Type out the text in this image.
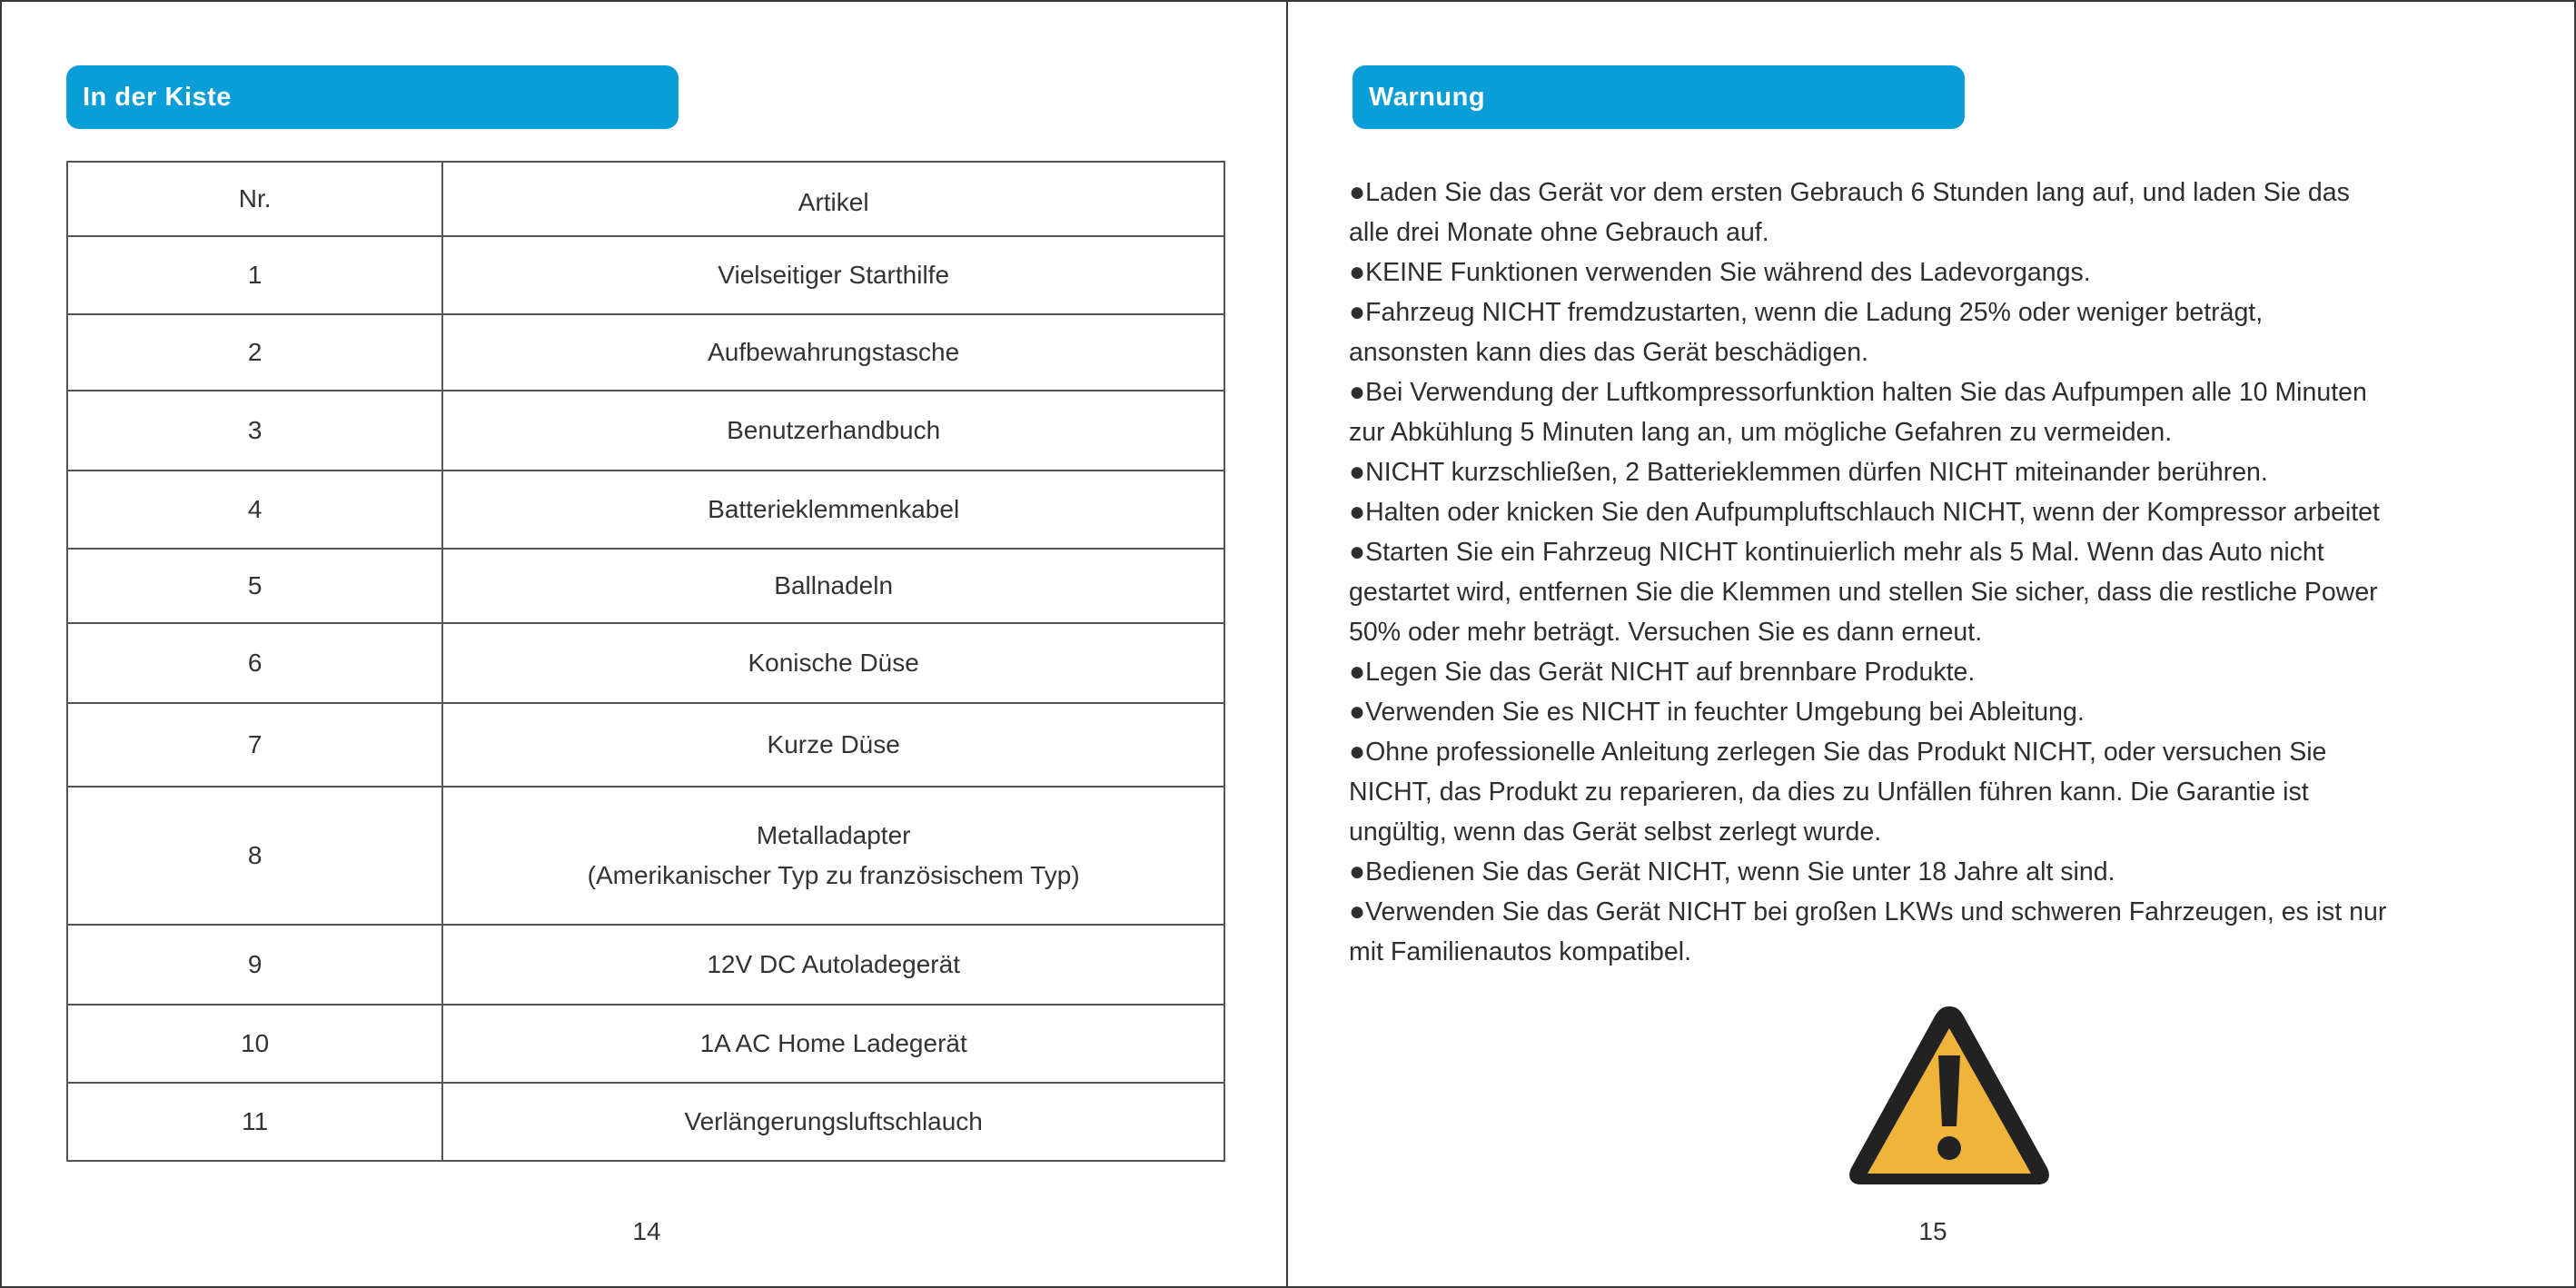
In der Kiste
Nr.	Artikel
1	Vielseitiger Starthilfe
2	Aufbewahrungstasche
3	Benutzerhandbuch
4	Batterieklemmenkabel
5	Ballnadeln
6	Konische Düse
7	Kurze Düse
8	Metalladapter
(Amerikanischer Typ zu französischem Typ)

9	12V DC Autoladegerät
10	1A AC Home Ladegerät
11	Verlängerungsluftschlauch
14
Warnung
●Laden Sie das Gerät vor dem ersten Gebrauch 6 Stunden lang auf, und laden Sie das
alle drei Monate ohne Gebrauch auf.
●KEINE Funktionen verwenden Sie während des Ladevorgangs.
●Fahrzeug NICHT fremdzustarten, wenn die Ladung 25% oder weniger beträgt,
ansonsten kann dies das Gerät beschädigen.
●Bei Verwendung der Luftkompressorfunktion halten Sie das Aufpumpen alle 10 Minuten
zur Abkühlung 5 Minuten lang an, um mögliche Gefahren zu vermeiden.
●NICHT kurzschließen, 2 Batterieklemmen dürfen NICHT miteinander berühren.
●Halten oder knicken Sie den Aufpumpluftschlauch NICHT, wenn der Kompressor arbeitet
●Starten Sie ein Fahrzeug NICHT kontinuierlich mehr als 5 Mal. Wenn das Auto nicht
gestartet wird, entfernen Sie die Klemmen und stellen Sie sicher, dass die restliche Power
50% oder mehr beträgt. Versuchen Sie es dann erneut.
●Legen Sie das Gerät NICHT auf brennbare Produkte.
●Verwenden Sie es NICHT in feuchter Umgebung bei Ableitung.
●Ohne professionelle Anleitung zerlegen Sie das Produkt NICHT, oder versuchen Sie
NICHT, das Produkt zu reparieren, da dies zu Unfällen führen kann. Die Garantie ist
ungültig, wenn das Gerät selbst zerlegt wurde.
●Bedienen Sie das Gerät NICHT, wenn Sie unter 18 Jahre alt sind.
●Verwenden Sie das Gerät NICHT bei großen LKWs und schweren Fahrzeugen, es ist nur
mit Familienautos kompatibel.
15
